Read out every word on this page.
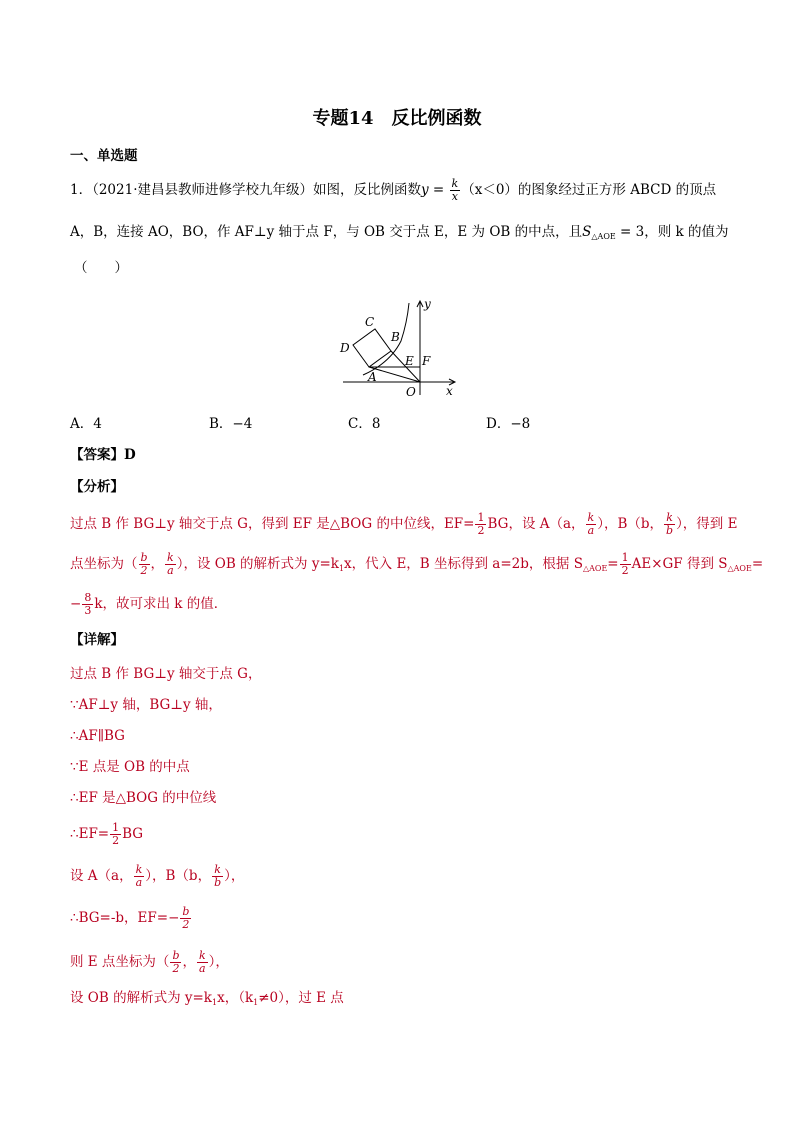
专题14　反比例函数
一、单选题
1．（2021·建昌县教师进修学校九年级）如图，反比例函数$y = \frac{k}{x} (x<0)$的图象经过正方形 ABCD 的顶点
A，B，连接 AO，BO，作 AF⊥y 轴于点 F，与 OB 交于点 E，E 为 OB 的中点，且$S_{\triangle AOE} = 3$，则 k 的值为
（　　）
C
B
D
E F
A
O	x
y
A．4	B．−4	C．8	D．−8
【答案】D
【分析】
过点 B 作 BG⊥y 轴交于点 G，得到 EF 是△BOG 的中位线，$EF= \frac{1}{2}$ BG，设 A（a， $\frac{k}{a}$ ），B（b， $\frac{k}{b}$ ），得到 E
点坐标为（ $\frac{b}{2}$ ， $\frac{k}{a}$ ），设 OB 的解析式为 $y=k_1x$，代入 E，B 坐标得到 a=2b，根据 $S_{\triangle AOE}= \frac{1}{2} AE\times GF$ 得到 $S_{\triangle AOE}=$
− $\frac{8}{3}$ k，故可求出 k 的值．
【详解】
过点 B 作 BG⊥y 轴交于点 G，
∵AF⊥y 轴，BG⊥y 轴，
∴AF∥BG
∵E 点是 OB 的中点
∴EF 是△BOG 的中位线
∴EF= $\frac{1}{2}$ BG
设 A（a， $\frac{k}{a}$ ），B（b， $\frac{k}{b}$ ），
∴BG=-b，$EF=- \frac{b}{2}$
则 E 点坐标为（ $\frac{b}{2}$ ， $\frac{k}{a}$ ），
设 OB 的解析式为 $y=k_1x$，$(k_1\ne 0)$，过 E 点
